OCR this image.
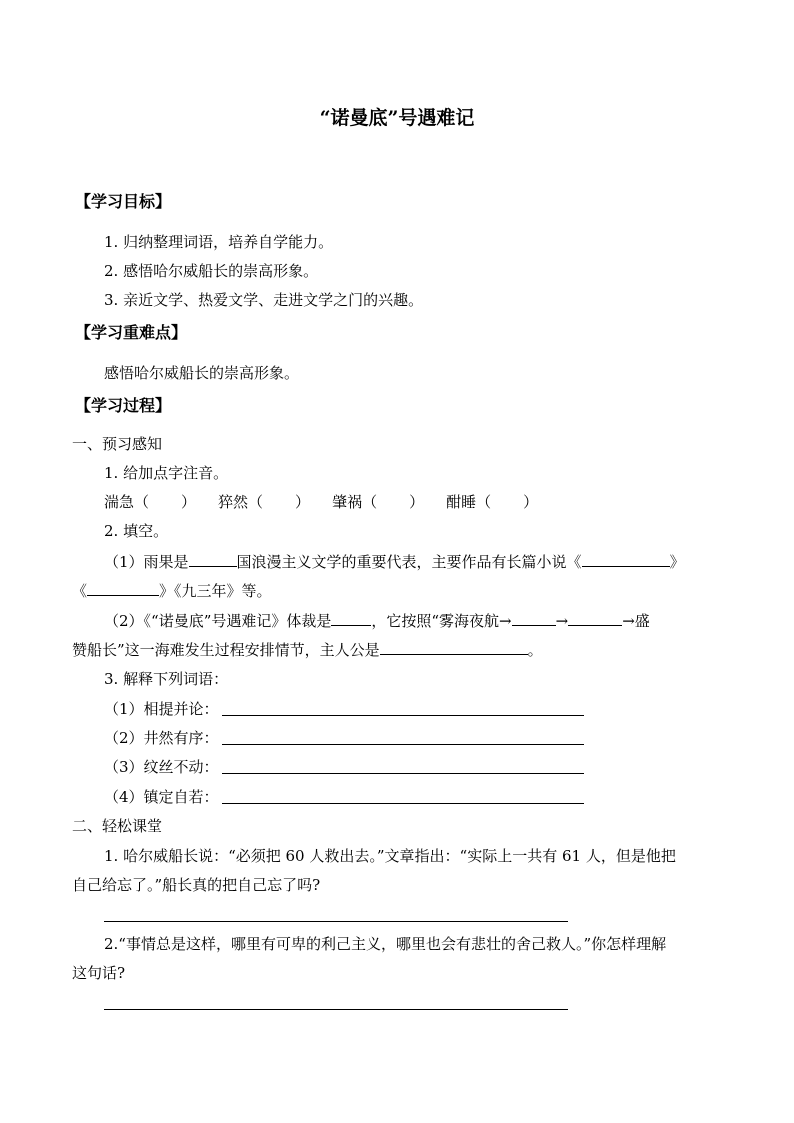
“诺曼底”号遇难记
【学习目标】
1. 归纳整理词语，培养自学能力。
2. 感悟哈尔威船长的崇高形象。
3. 亲近文学、热爱文学、走进文学之门的兴趣。
【学习重难点】
感悟哈尔威船长的崇高形象。
【学习过程】
一、预习感知
1. 给加点字注音。
湍急（ ） 猝然（ ） 肇祸（ ） 酣睡（ ）
2. 填空。
（1）雨果是	国浪漫主义文学的重要代表，主要作品有长篇小说《	》
《	》《九三年》等。
（2）《“诺曼底”号遇难记》体裁是	，它按照“雾海夜航→	→	→盛
赞船长”这一海难发生过程安排情节，主人公是	。
3. 解释下列词语：
（1）相提并论：
（2）井然有序：
（3）纹丝不动：
（4）镇定自若：
二、轻松课堂
1. 哈尔威船长说：“必须把 60 人救出去。”文章指出：“实际上一共有 61 人，但是他把
自己给忘了。”船长真的把自己忘了吗?
2.“事情总是这样，哪里有可卑的利己主义，哪里也会有悲壮的舍己救人。”你怎样理解
这句话?
